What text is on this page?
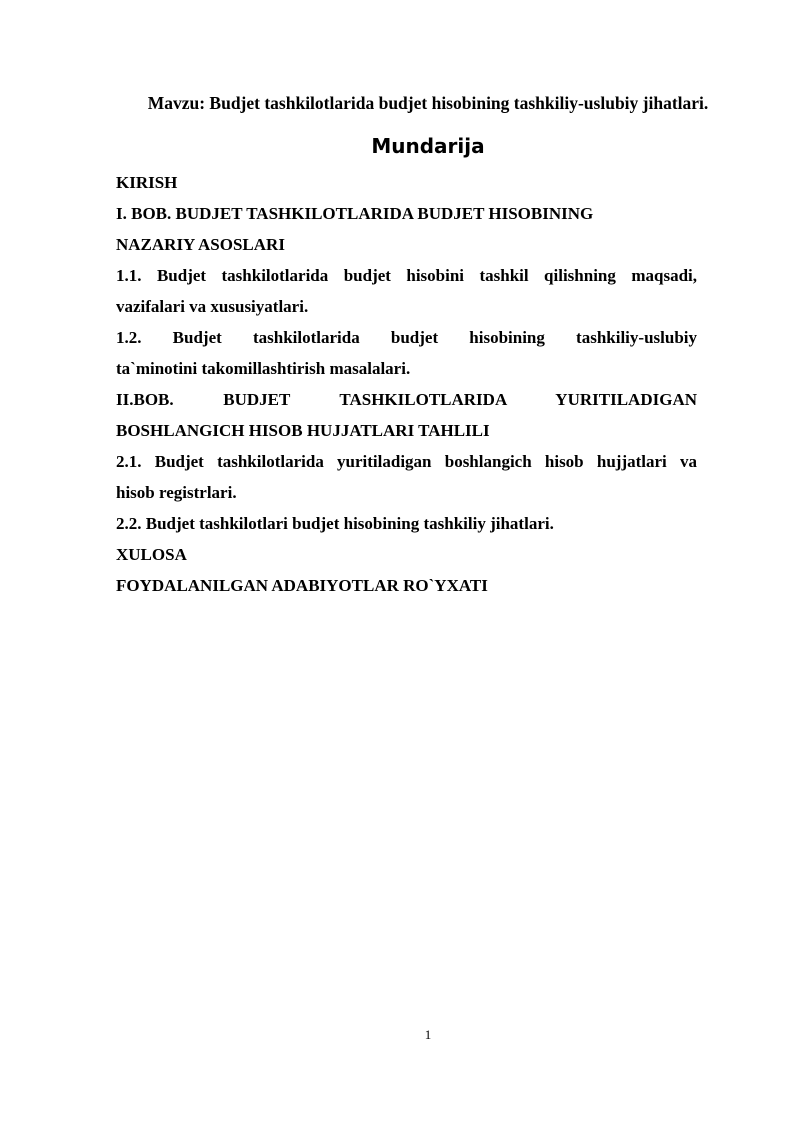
Mavzu: Budjet tashkilotlarida budjet hisobining tashkiliy-uslubiy jihatlari.
Mundarija
KIRISH
I. BOB. BUDJET TASHKILOTLARIDA BUDJET HISOBINING
NAZARIY ASOSLARI
1.1. Budjet tashkilotlarida budjet hisobini tashkil qilishning maqsadi,
vazifalari va xususiyatlari.
1.2. Budjet tashkilotlarida budjet hisobining tashkiliy-uslubiy
ta`minotini takomillashtirish masalalari.
II.BOB. BUDJET TASHKILOTLARIDA YURITILADIGAN
BOSHLANGICH HISOB HUJJATLARI TAHLILI
2.1. Budjet tashkilotlarida yuritiladigan boshlangich hisob hujjatlari va
hisob registrlari.
2.2. Budjet tashkilotlari budjet hisobining tashkiliy jihatlari.
XULOSA
FOYDALANILGAN ADABIYOTLAR RO`YXATI
1
